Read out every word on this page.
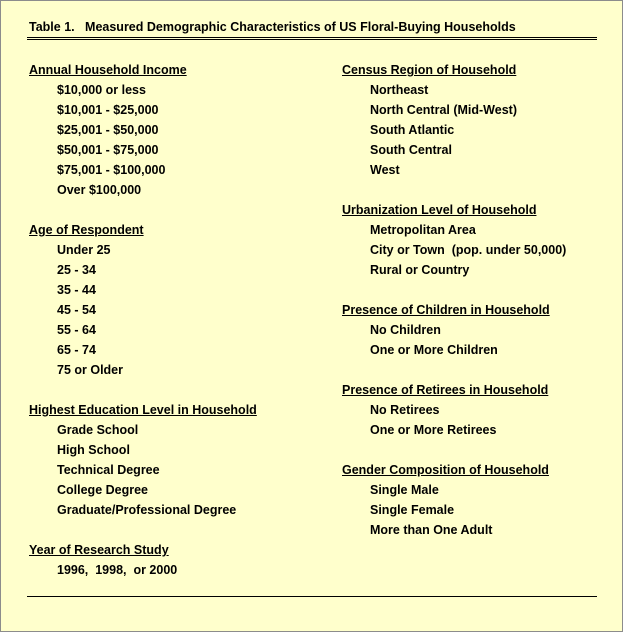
Table 1.   Measured Demographic Characteristics of US Floral-Buying Households
Annual Household Income
$10,000 or less
$10,001 - $25,000
$25,001 - $50,000
$50,001 - $75,000
$75,001 - $100,000
Over $100,000
Age of Respondent
Under 25
25 - 34
35 - 44
45 - 54
55 - 64
65 - 74
75 or Older
Highest Education Level in Household
Grade School
High School
Technical Degree
College Degree
Graduate/Professional Degree
Year of Research Study
1996,  1998,  or 2000
Census Region of Household
Northeast
North Central (Mid-West)
South Atlantic
South Central
West
Urbanization Level of Household
Metropolitan Area
City or Town  (pop. under 50,000)
Rural or Country
Presence of Children in Household
No Children
One or More Children
Presence of Retirees in Household
No Retirees
One or More Retirees
Gender Composition of Household
Single Male
Single Female
More than One Adult
